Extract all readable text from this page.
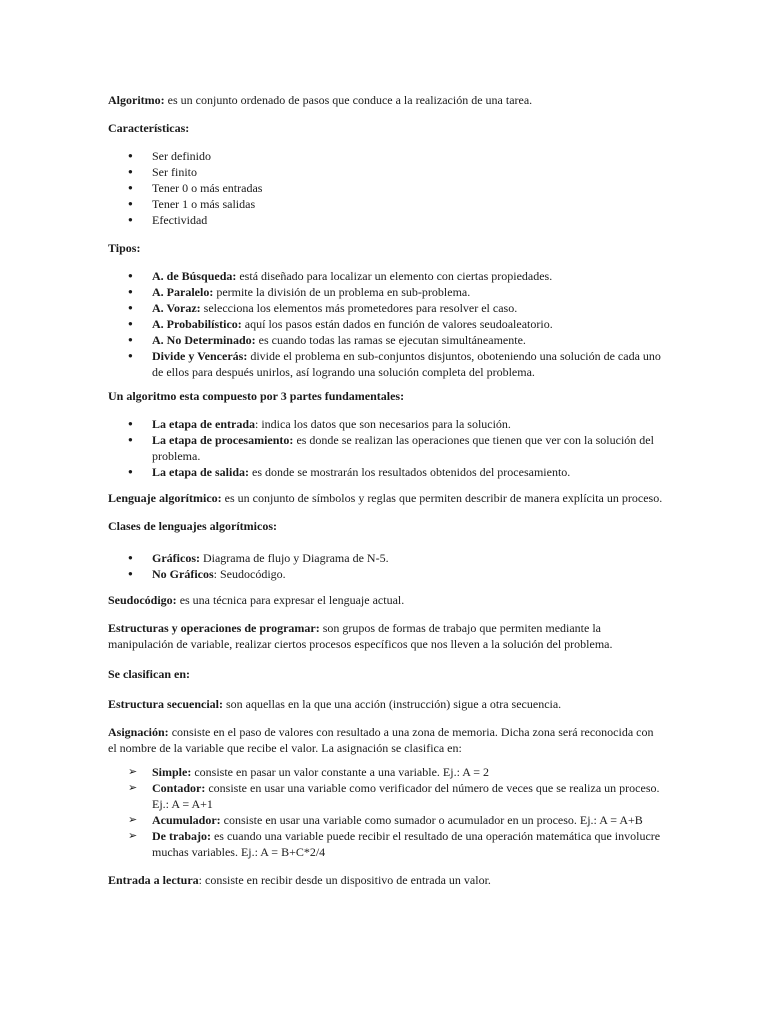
Algoritmo: es un conjunto ordenado de pasos que conduce a la realización de una tarea.

Características:

● Ser definido
● Ser finito
● Tener 0 o más entradas
● Tener 1 o más salidas
● Efectividad

Tipos:

● A. de Búsqueda: está diseñado para localizar un elemento con ciertas propiedades.
● A. Paralelo: permite la división de un problema en sub-problema.
● A. Voraz: selecciona los elementos más prometedores para resolver el caso.
● A. Probabilístico: aquí los pasos están dados en función de valores seudoaleatorio.
● A. No Determinado: es cuando todas las ramas se ejecutan simultáneamente.
● Divide y Vencerás: divide el problema en sub-conjuntos disjuntos, oboteniendo una solución de cada uno de ellos para después unirlos, así logrando una solución completa del problema.

Un algoritmo esta compuesto por 3 partes fundamentales:

● La etapa de entrada: indica los datos que son necesarios para la solución.
● La etapa de procesamiento: es donde se realizan las operaciones que tienen que ver con la solución del problema.
● La etapa de salida: es donde se mostrarán los resultados obtenidos del procesamiento.

Lenguaje algorítmico: es un conjunto de símbolos y reglas que permiten describir de manera explícita un proceso.

Clases de lenguajes algorítmicos:

● Gráficos: Diagrama de flujo y Diagrama de N-5.
● No Gráficos: Seudocódigo.

Seudocódigo: es una técnica para expresar el lenguaje actual.

Estructuras y operaciones de programar: son grupos de formas de trabajo que permiten mediante la manipulación de variable, realizar ciertos procesos específicos que nos lleven a la solución del problema.

Se clasifican en:

Estructura secuencial: son aquellas en la que una acción (instrucción) sigue a otra secuencia.

Asignación: consiste en el paso de valores con resultado a una zona de memoria. Dicha zona será reconocida con el nombre de la variable que recibe el valor. La asignación se clasifica en:

➢ Simple: consiste en pasar un valor constante a una variable. Ej.: A = 2
➢ Contador: consiste en usar una variable como verificador del número de veces que se realiza un proceso. Ej.: A = A+1
➢ Acumulador: consiste en usar una variable como sumador o acumulador en un proceso. Ej.: A = A+B
➢ De trabajo: es cuando una variable puede recibir el resultado de una operación matemática que involucre muchas variables. Ej.: A = B+C*2/4

Entrada a lectura: consiste en recibir desde un dispositivo de entrada un valor.
